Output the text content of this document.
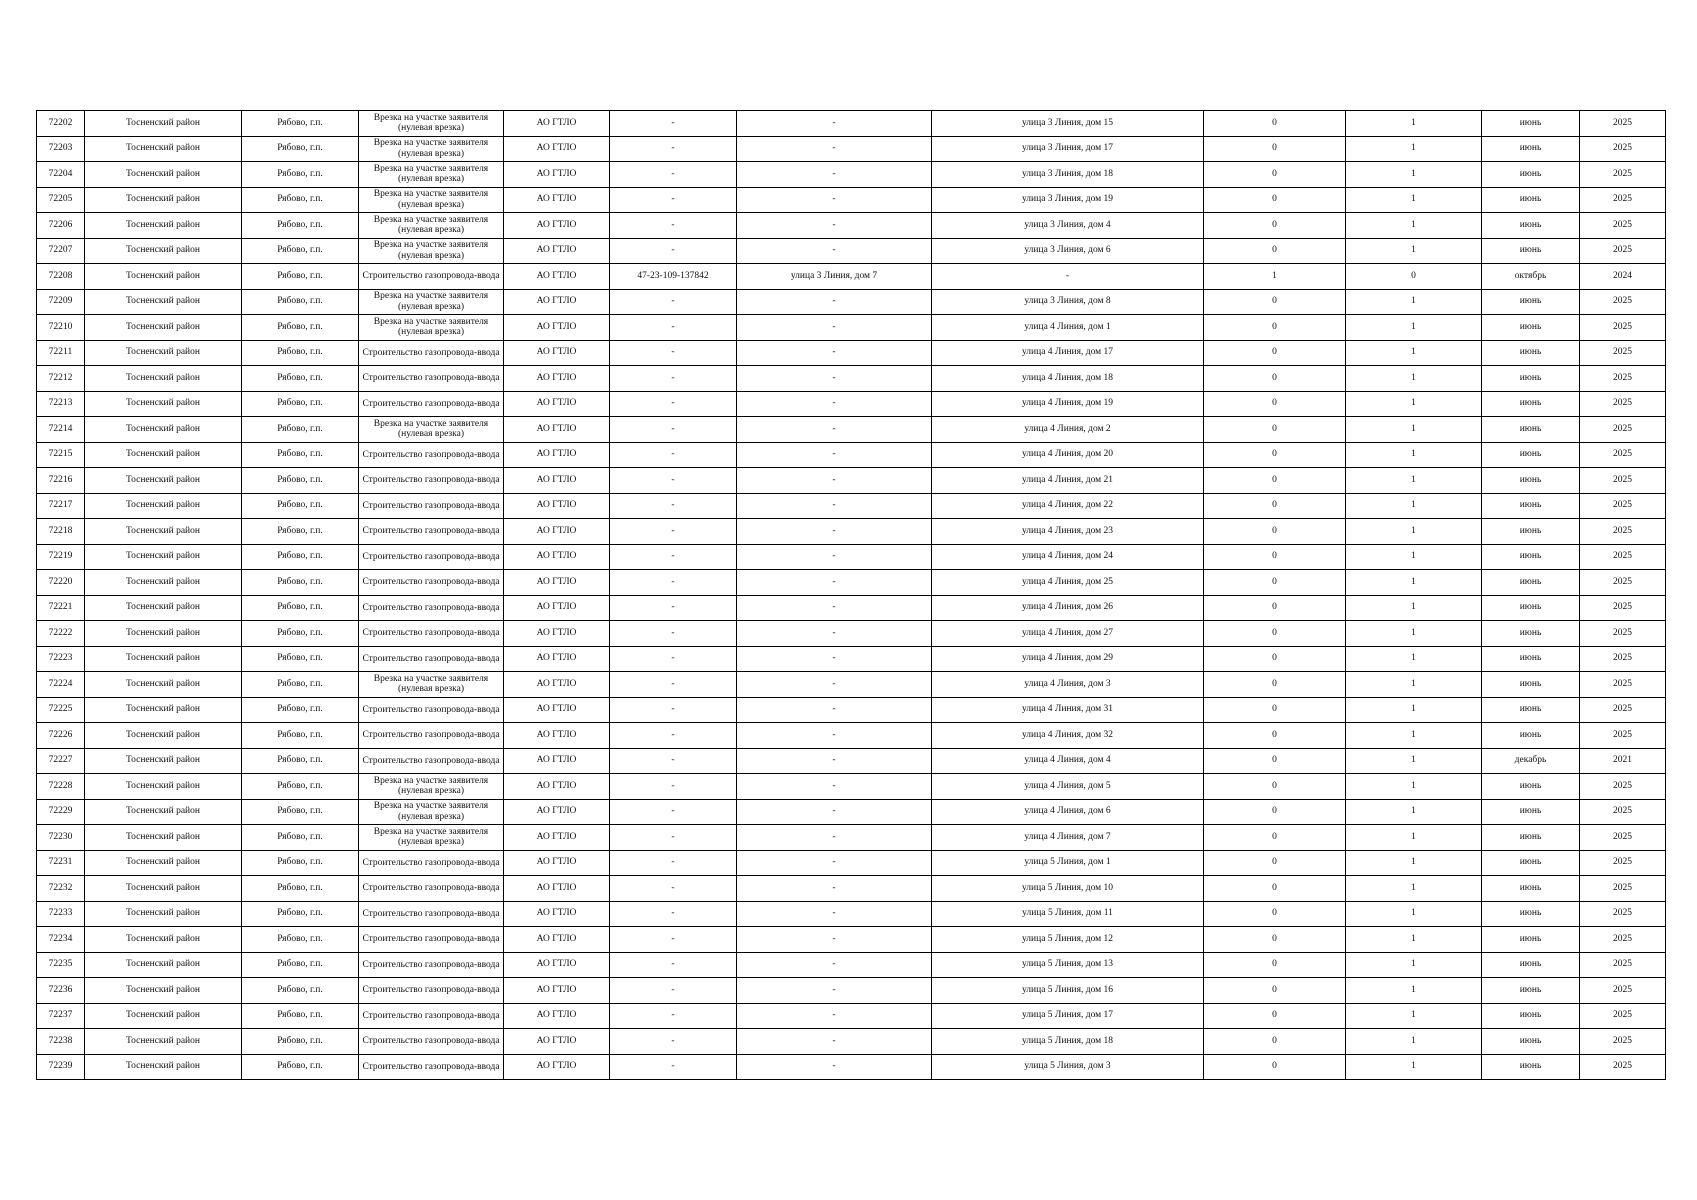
72202	Тосненский район	Рябово, г.п.	Врезка на участке заявителя (нулевая врезка)	АО ГТЛО	-	-	улица 3 Линия, дом 15	0	1	июнь	2025
72203	Тосненский район	Рябово, г.п.	Врезка на участке заявителя (нулевая врезка)	АО ГТЛО	-	-	улица 3 Линия, дом 17	0	1	июнь	2025
72204	Тосненский район	Рябово, г.п.	Врезка на участке заявителя (нулевая врезка)	АО ГТЛО	-	-	улица 3 Линия, дом 18	0	1	июнь	2025
72205	Тосненский район	Рябово, г.п.	Врезка на участке заявителя (нулевая врезка)	АО ГТЛО	-	-	улица 3 Линия, дом 19	0	1	июнь	2025
72206	Тосненский район	Рябово, г.п.	Врезка на участке заявителя (нулевая врезка)	АО ГТЛО	-	-	улица 3 Линия, дом 4	0	1	июнь	2025
72207	Тосненский район	Рябово, г.п.	Врезка на участке заявителя (нулевая врезка)	АО ГТЛО	-	-	улица 3 Линия, дом 6	0	1	июнь	2025
72208	Тосненский район	Рябово, г.п.	Строительство газопровода-ввода	АО ГТЛО	47-23-109-137842	улица 3 Линия, дом 7	-	1	0	октябрь	2024
72209	Тосненский район	Рябово, г.п.	Врезка на участке заявителя (нулевая врезка)	АО ГТЛО	-	-	улица 3 Линия, дом 8	0	1	июнь	2025
72210	Тосненский район	Рябово, г.п.	Врезка на участке заявителя (нулевая врезка)	АО ГТЛО	-	-	улица 4 Линия, дом 1	0	1	июнь	2025
72211	Тосненский район	Рябово, г.п.	Строительство газопровода-ввода	АО ГТЛО	-	-	улица 4 Линия, дом 17	0	1	июнь	2025
72212	Тосненский район	Рябово, г.п.	Строительство газопровода-ввода	АО ГТЛО	-	-	улица 4 Линия, дом 18	0	1	июнь	2025
72213	Тосненский район	Рябово, г.п.	Строительство газопровода-ввода	АО ГТЛО	-	-	улица 4 Линия, дом 19	0	1	июнь	2025
72214	Тосненский район	Рябово, г.п.	Врезка на участке заявителя (нулевая врезка)	АО ГТЛО	-	-	улица 4 Линия, дом 2	0	1	июнь	2025
72215	Тосненский район	Рябово, г.п.	Строительство газопровода-ввода	АО ГТЛО	-	-	улица 4 Линия, дом 20	0	1	июнь	2025
72216	Тосненский район	Рябово, г.п.	Строительство газопровода-ввода	АО ГТЛО	-	-	улица 4 Линия, дом 21	0	1	июнь	2025
72217	Тосненский район	Рябово, г.п.	Строительство газопровода-ввода	АО ГТЛО	-	-	улица 4 Линия, дом 22	0	1	июнь	2025
72218	Тосненский район	Рябово, г.п.	Строительство газопровода-ввода	АО ГТЛО	-	-	улица 4 Линия, дом 23	0	1	июнь	2025
72219	Тосненский район	Рябово, г.п.	Строительство газопровода-ввода	АО ГТЛО	-	-	улица 4 Линия, дом 24	0	1	июнь	2025
72220	Тосненский район	Рябово, г.п.	Строительство газопровода-ввода	АО ГТЛО	-	-	улица 4 Линия, дом 25	0	1	июнь	2025
72221	Тосненский район	Рябово, г.п.	Строительство газопровода-ввода	АО ГТЛО	-	-	улица 4 Линия, дом 26	0	1	июнь	2025
72222	Тосненский район	Рябово, г.п.	Строительство газопровода-ввода	АО ГТЛО	-	-	улица 4 Линия, дом 27	0	1	июнь	2025
72223	Тосненский район	Рябово, г.п.	Строительство газопровода-ввода	АО ГТЛО	-	-	улица 4 Линия, дом 29	0	1	июнь	2025
72224	Тосненский район	Рябово, г.п.	Врезка на участке заявителя (нулевая врезка)	АО ГТЛО	-	-	улица 4 Линия, дом 3	0	1	июнь	2025
72225	Тосненский район	Рябово, г.п.	Строительство газопровода-ввода	АО ГТЛО	-	-	улица 4 Линия, дом 31	0	1	июнь	2025
72226	Тосненский район	Рябово, г.п.	Строительство газопровода-ввода	АО ГТЛО	-	-	улица 4 Линия, дом 32	0	1	июнь	2025
72227	Тосненский район	Рябово, г.п.	Строительство газопровода-ввода	АО ГТЛО	-	-	улица 4 Линия, дом 4	0	1	декабрь	2021
72228	Тосненский район	Рябово, г.п.	Врезка на участке заявителя (нулевая врезка)	АО ГТЛО	-	-	улица 4 Линия, дом 5	0	1	июнь	2025
72229	Тосненский район	Рябово, г.п.	Врезка на участке заявителя (нулевая врезка)	АО ГТЛО	-	-	улица 4 Линия, дом 6	0	1	июнь	2025
72230	Тосненский район	Рябово, г.п.	Врезка на участке заявителя (нулевая врезка)	АО ГТЛО	-	-	улица 4 Линия, дом 7	0	1	июнь	2025
72231	Тосненский район	Рябово, г.п.	Строительство газопровода-ввода	АО ГТЛО	-	-	улица 5 Линия, дом 1	0	1	июнь	2025
72232	Тосненский район	Рябово, г.п.	Строительство газопровода-ввода	АО ГТЛО	-	-	улица 5 Линия, дом 10	0	1	июнь	2025
72233	Тосненский район	Рябово, г.п.	Строительство газопровода-ввода	АО ГТЛО	-	-	улица 5 Линия, дом 11	0	1	июнь	2025
72234	Тосненский район	Рябово, г.п.	Строительство газопровода-ввода	АО ГТЛО	-	-	улица 5 Линия, дом 12	0	1	июнь	2025
72235	Тосненский район	Рябово, г.п.	Строительство газопровода-ввода	АО ГТЛО	-	-	улица 5 Линия, дом 13	0	1	июнь	2025
72236	Тосненский район	Рябово, г.п.	Строительство газопровода-ввода	АО ГТЛО	-	-	улица 5 Линия, дом 16	0	1	июнь	2025
72237	Тосненский район	Рябово, г.п.	Строительство газопровода-ввода	АО ГТЛО	-	-	улица 5 Линия, дом 17	0	1	июнь	2025
72238	Тосненский район	Рябово, г.п.	Строительство газопровода-ввода	АО ГТЛО	-	-	улица 5 Линия, дом 18	0	1	июнь	2025
72239	Тосненский район	Рябово, г.п.	Строительство газопровода-ввода	АО ГТЛО	-	-	улица 5 Линия, дом 3	0	1	июнь	2025
